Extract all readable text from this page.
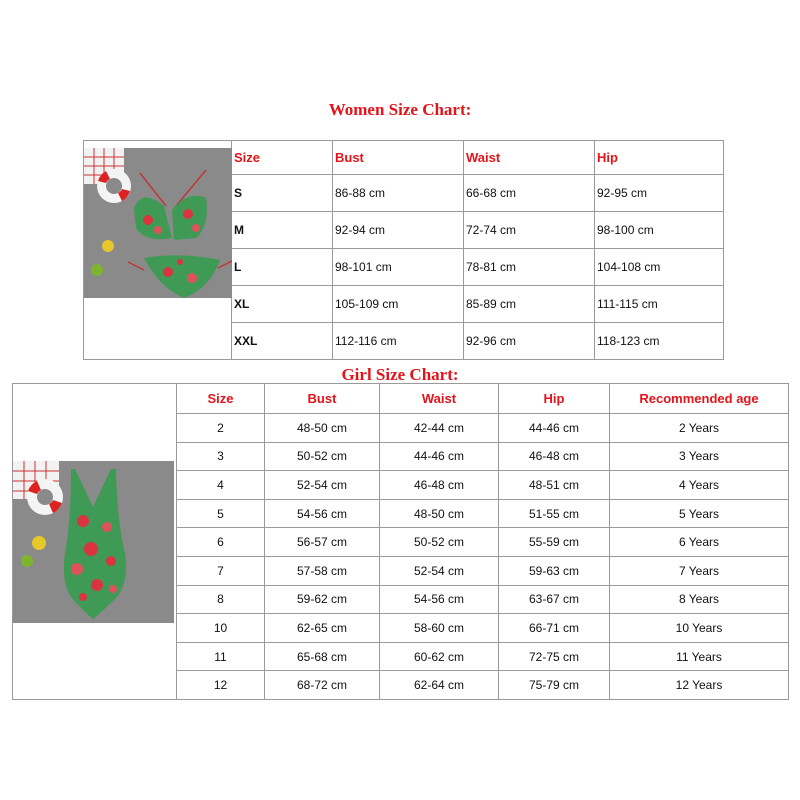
Women Size Chart:
	Size	Bust	Waist	Hip
	S	86-88 cm	66-68 cm	92-95 cm
	M	92-94 cm	72-74 cm	98-100 cm
	L	98-101 cm	78-81 cm	104-108 cm
	XL	105-109 cm	85-89 cm	111-115 cm
	XXL	112-116 cm	92-96 cm	118-123 cm
Girl Size Chart:
	Size	Bust	Waist	Hip	Recommended age
	2	48-50 cm	42-44 cm	44-46 cm	2 Years
	3	50-52 cm	44-46 cm	46-48 cm	3 Years
	4	52-54 cm	46-48 cm	48-51 cm	4 Years
	5	54-56 cm	48-50 cm	51-55 cm	5 Years
	6	56-57 cm	50-52 cm	55-59 cm	6 Years
	7	57-58 cm	52-54 cm	59-63 cm	7 Years
	8	59-62 cm	54-56 cm	63-67 cm	8 Years
	10	62-65 cm	58-60 cm	66-71 cm	10 Years
	11	65-68 cm	60-62 cm	72-75 cm	11 Years
	12	68-72 cm	62-64 cm	75-79 cm	12 Years
